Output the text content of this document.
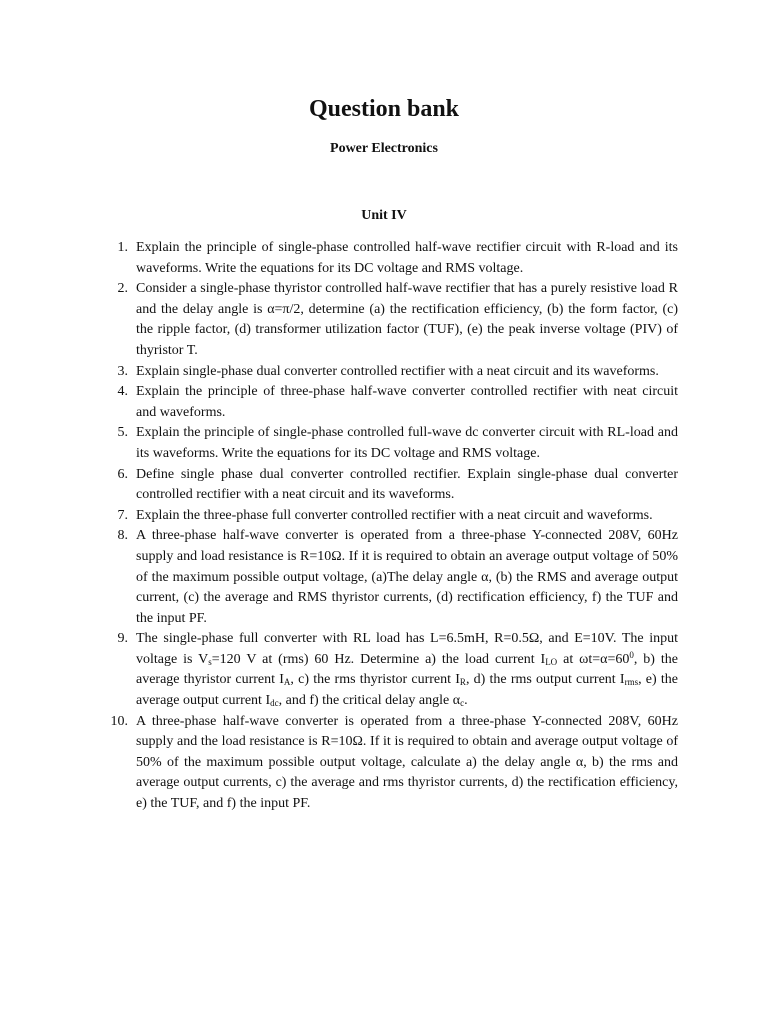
Question bank
Power Electronics
Unit IV
1. Explain the principle of single-phase controlled half-wave rectifier circuit with R-load and its waveforms. Write the equations for its DC voltage and RMS voltage.
2. Consider a single-phase thyristor controlled half-wave rectifier that has a purely resistive load R and the delay angle is α=π/2, determine (a) the rectification efficiency, (b) the form factor, (c) the ripple factor, (d) transformer utilization factor (TUF), (e) the peak inverse voltage (PIV) of thyristor T.
3. Explain single-phase dual converter controlled rectifier with a neat circuit and its waveforms.
4. Explain the principle of three-phase half-wave converter controlled rectifier with neat circuit and waveforms.
5. Explain the principle of single-phase controlled full-wave dc converter circuit with RL-load and its waveforms. Write the equations for its DC voltage and RMS voltage.
6. Define single phase dual converter controlled rectifier. Explain single-phase dual converter controlled rectifier with a neat circuit and its waveforms.
7. Explain the three-phase full converter controlled rectifier with a neat circuit and waveforms.
8. A three-phase half-wave converter is operated from a three-phase Y-connected 208V, 60Hz supply and load resistance is R=10Ω. If it is required to obtain an average output voltage of 50% of the maximum possible output voltage, (a)The delay angle α, (b) the RMS and average output current, (c) the average and RMS thyristor currents, (d) rectification efficiency, f) the TUF and the input PF.
9. The single-phase full converter with RL load has L=6.5mH, R=0.5Ω, and E=10V. The input voltage is $V_s=120$ V at (rms) 60 Hz. Determine a) the load current $I_{LO}$ at $\omega t=\alpha=60^0$, b) the average thyristor current $I_A$, c) the rms thyristor current $I_R$, d) the rms output current $I_{rms}$, e) the average output current $I_{dc}$, and f) the critical delay angle $\alpha_c$.
10. A three-phase half-wave converter is operated from a three-phase Y-connected 208V, 60Hz supply and the load resistance is R=10Ω. If it is required to obtain and average output voltage of 50% of the maximum possible output voltage, calculate a) the delay angle α, b) the rms and average output currents, c) the average and rms thyristor currents, d) the rectification efficiency, e) the TUF, and f) the input PF.
